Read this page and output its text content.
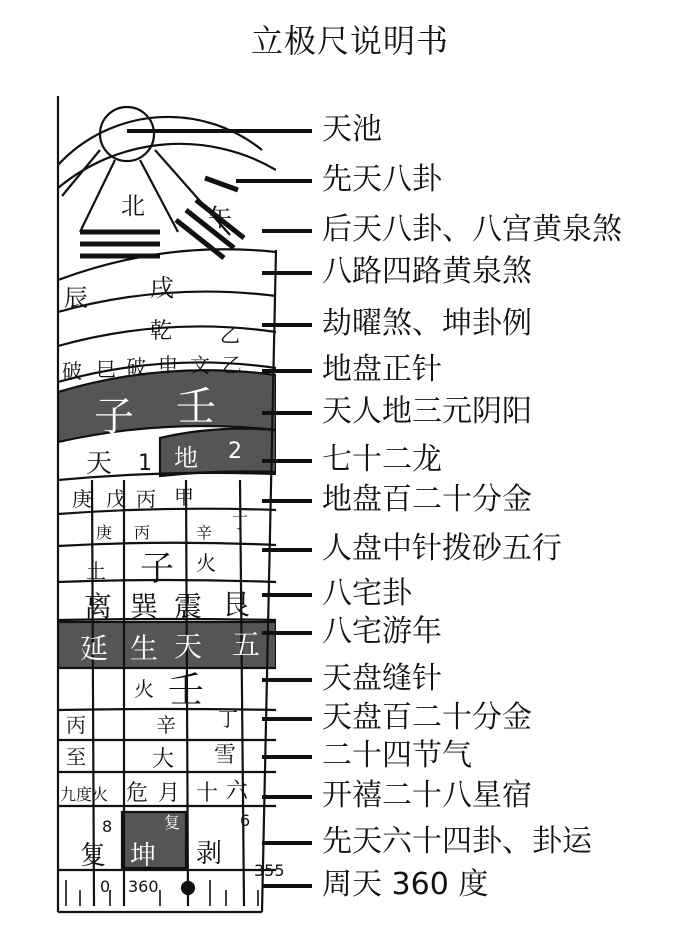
立极尺说明书
北	午
辰	戌
乾 乙
破 巳 破 申 文 乙
子 壬
天 1 地 2
庚 戊 丙 甲
庚 丙	辛
丁
土 子 火
离 巽 震 艮
延 生 天 五
火 壬
丙	辛 丁
至	大 雪
九度火 危 月 十 六
8	复
坤 剥
复
6
0 360
355
天池
先天八卦
后天八卦、八宫黄泉煞
八路四路黄泉煞
劫曜煞、坤卦例
地盘正针
天人地三元阴阳
七十二龙
地盘百二十分金
人盘中针拨砂五行
八宅卦
八宅游年
天盘缝针
天盘百二十分金
二十四节气
开禧二十八星宿
先天六十四卦、卦运
周天 360 度
